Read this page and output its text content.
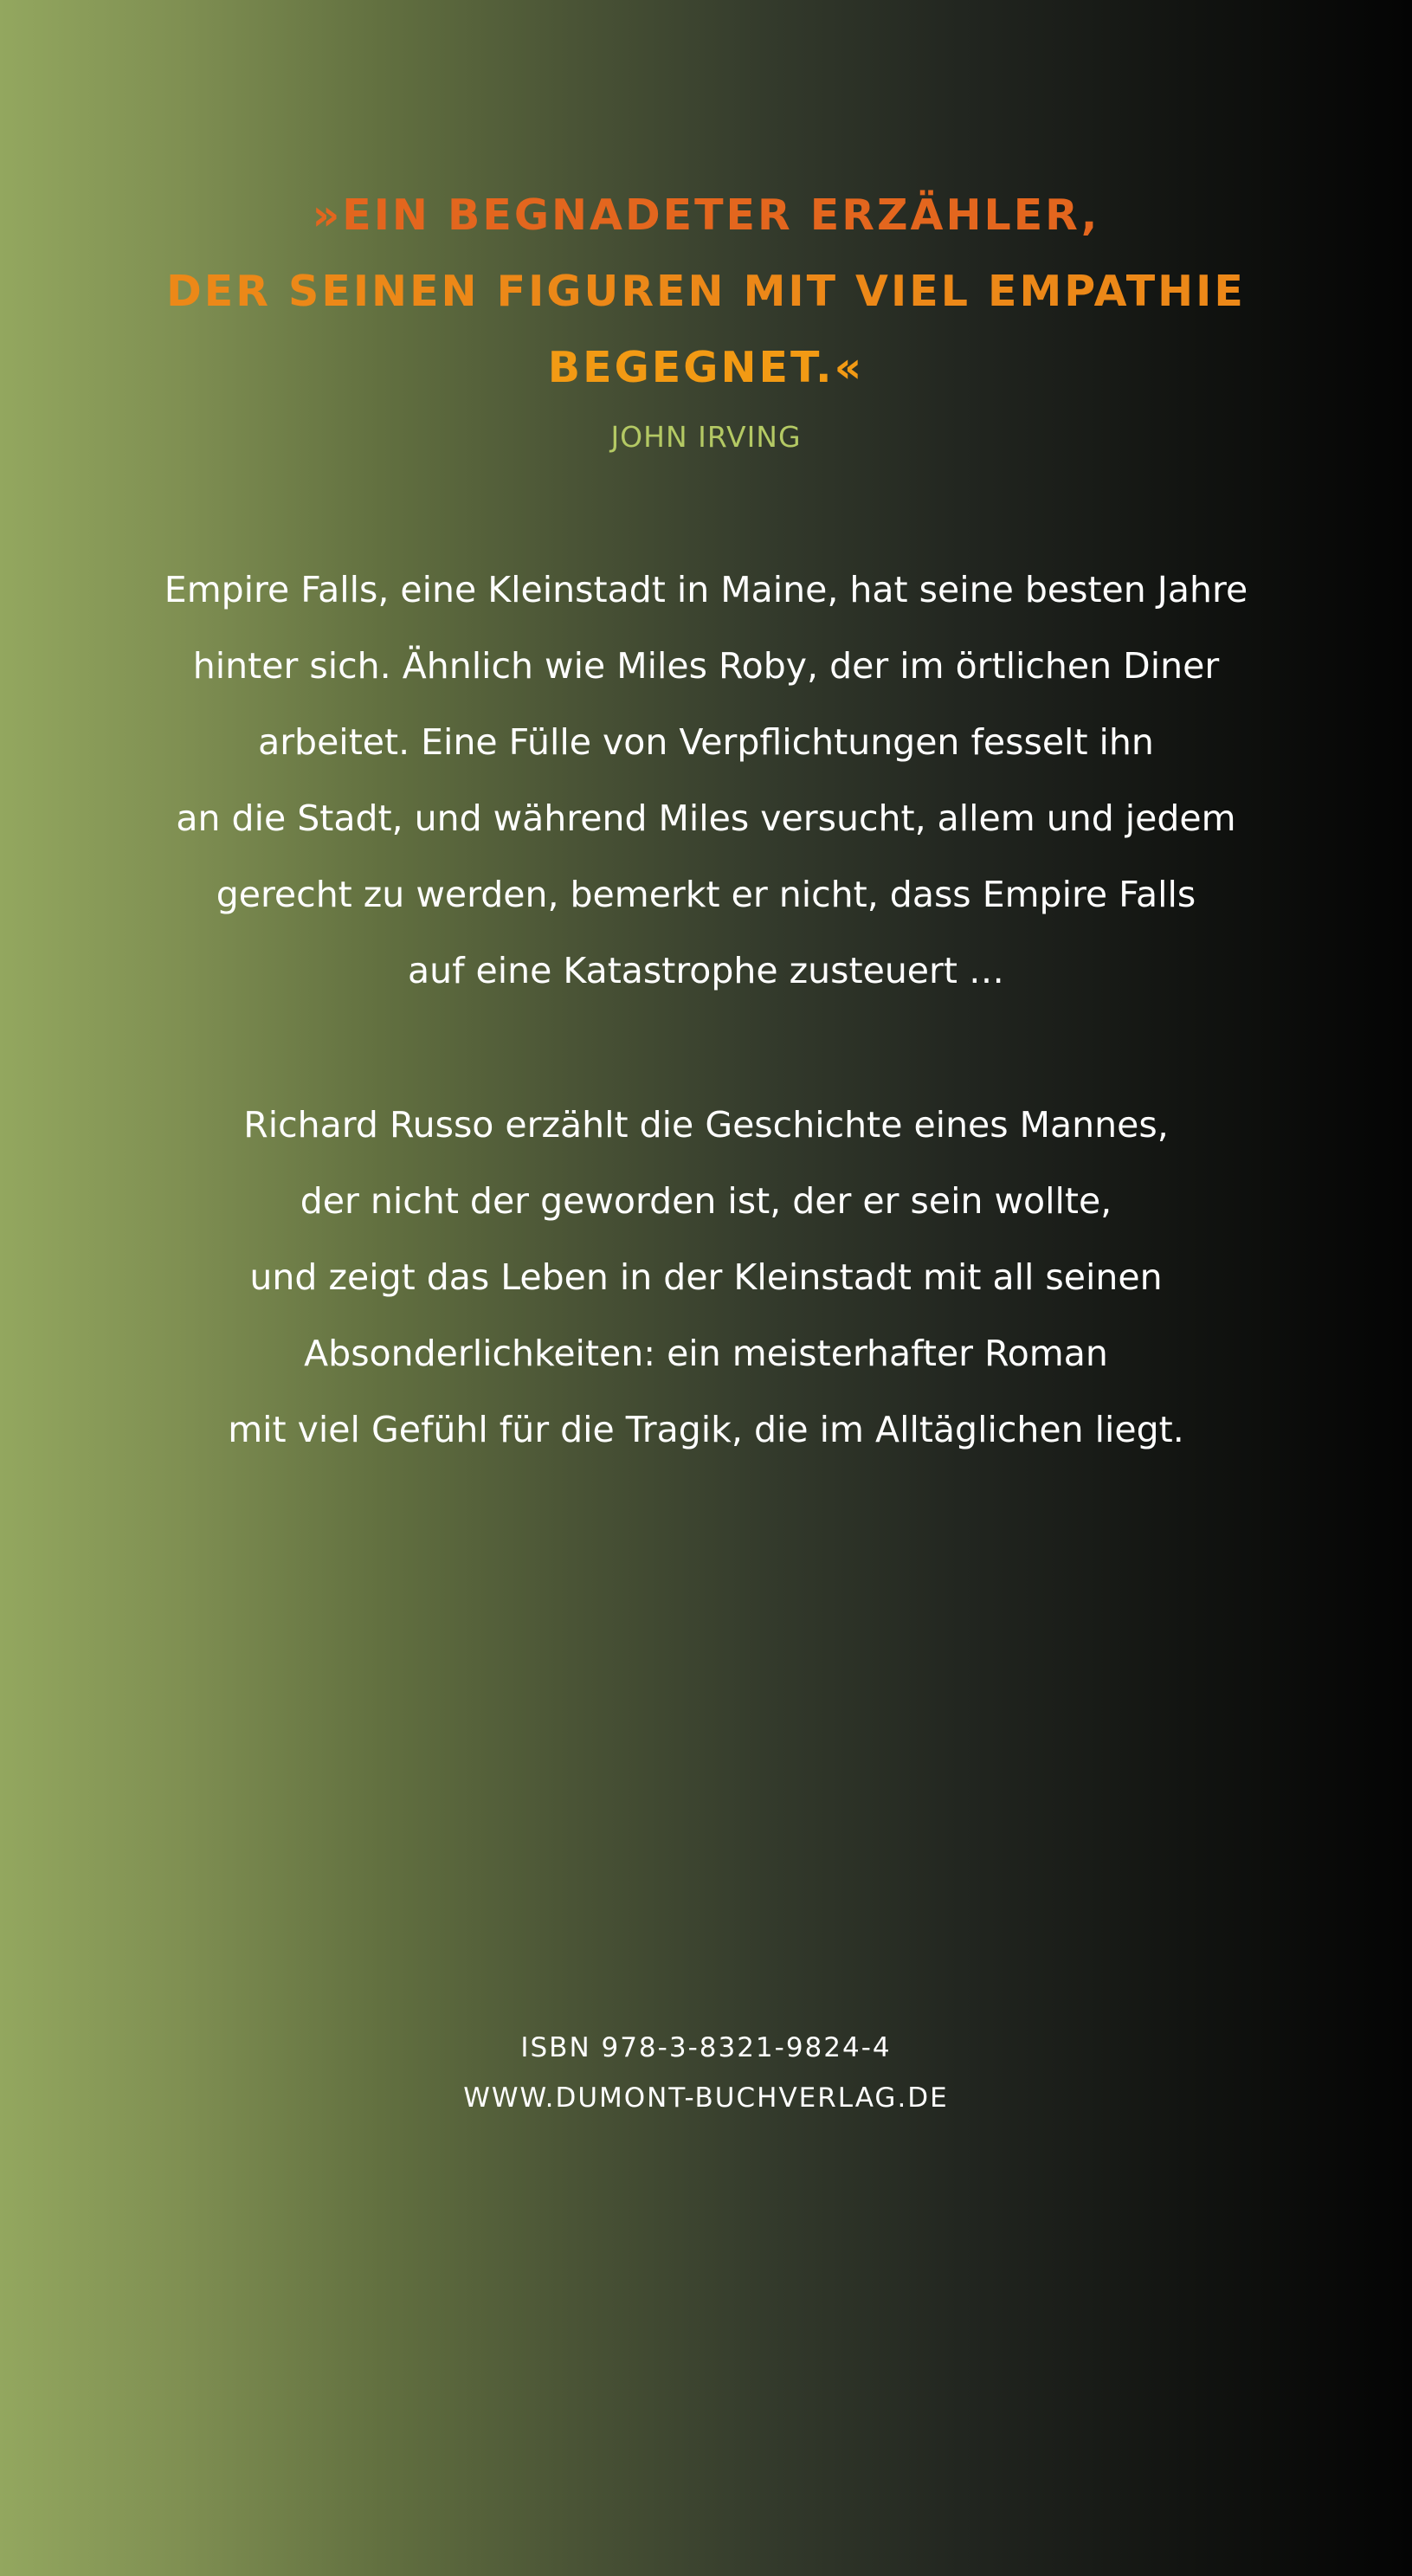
»EIN BEGNADETER ERZÄHLER,
DER SEINEN FIGUREN MIT VIEL EMPATHIE
BEGEGNET.«
JOHN IRVING
Empire Falls, eine Kleinstadt in Maine, hat seine besten Jahre
hinter sich. Ähnlich wie Miles Roby, der im örtlichen Diner
arbeitet. Eine Fülle von Verpflichtungen fesselt ihn
an die Stadt, und während Miles versucht, allem und jedem
gerecht zu werden, bemerkt er nicht, dass Empire Falls
auf eine Katastrophe zusteuert …
Richard Russo erzählt die Geschichte eines Mannes,
der nicht der geworden ist, der er sein wollte,
und zeigt das Leben in der Kleinstadt mit all seinen
Absonderlichkeiten: ein meisterhafter Roman
mit viel Gefühl für die Tragik, die im Alltäglichen liegt.
ISBN 978-3-8321-9824-4
WWW.DUMONT-BUCHVERLAG.DE
